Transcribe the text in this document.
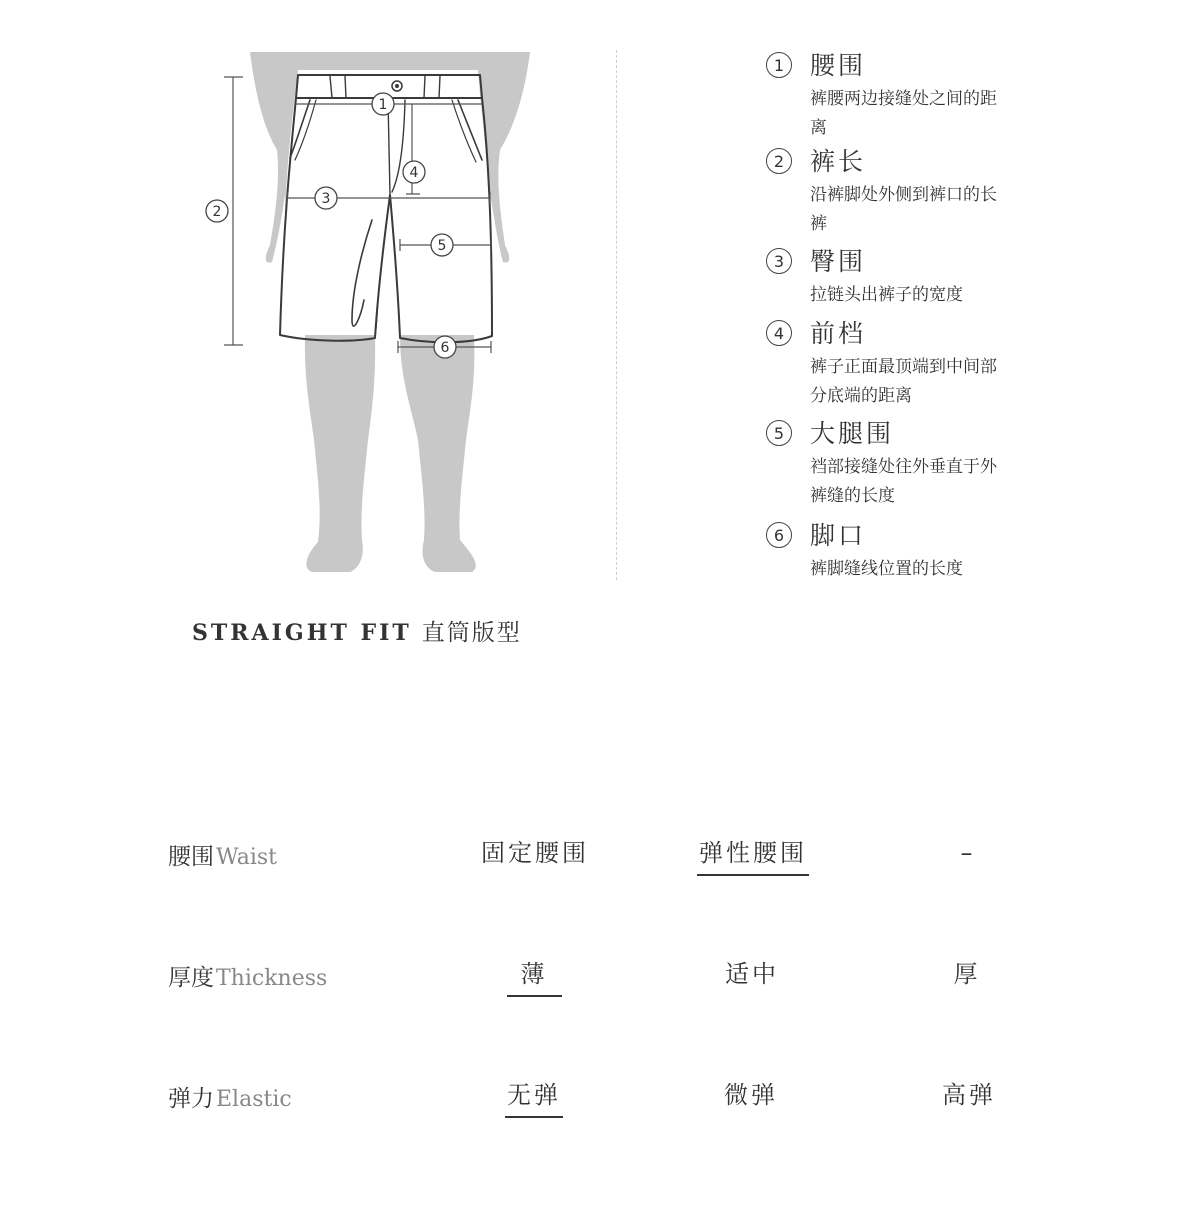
1
2
3
4
5
6
STRAIGHT FIT 直筒版型
1	腰围
裤腰两边接缝处之间的距离
2	裤长
沿裤脚处外侧到裤口的长裤
3	臀围
拉链头出裤子的宽度
4	前档
裤子正面最顶端到中间部分底端的距离
5	大腿围
裆部接缝处往外垂直于外裤缝的长度
6	脚口
裤脚缝线位置的长度
腰围Waist	固定腰围	弹性腰围	–
厚度Thickness	薄	适中	厚
弹力Elastic	无弹	微弹	高弹
